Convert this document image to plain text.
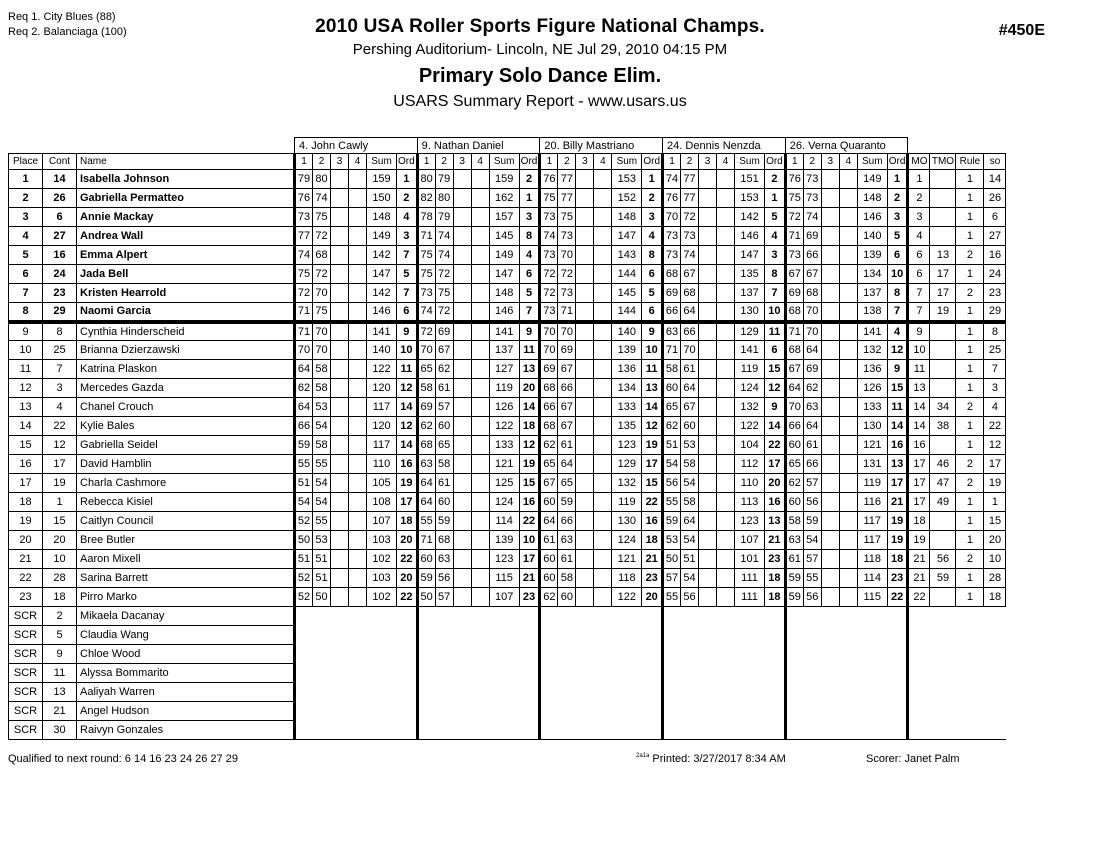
Req 1. City Blues (88)
Req 2. Balanciaga (100)	2010 USA Roller Sports Figure National Champs.
Pershing Auditorium- Lincoln, NE Jul 29, 2010 04:15 PM
Primary Solo Dance Elim.
USARS Summary Report - www.usars.us
#450E
			4. John Cawly						9. Nathan Daniel						20. Billy Mastriano						24. Dennis Nenzda						26. Verna Quaranto									
Place	Cont	Name	1	2	3	4	Sum	Ord	1	2	3	4	Sum	Ord	1	2	3	4	Sum	Ord	1	2	3	4	Sum	Ord	1	2	3	4	Sum	Ord	MO	TMO	Rule	so
1	14	Isabella Johnson	79	80			159	1	80	79			159	2	76	77			153	1	74	77			151	2	76	73			149	1	1		1	14
2	26	Gabriella Permatteo	76	74			150	2	82	80			162	1	75	77			152	2	76	77			153	1	75	73			148	2	2		1	26
3	6	Annie Mackay	73	75			148	4	78	79			157	3	73	75			148	3	70	72			142	5	72	74			146	3	3		1	6
4	27	Andrea Wall	77	72			149	3	71	74			145	8	74	73			147	4	73	73			146	4	71	69			140	5	4		1	27
5	16	Emma Alpert	74	68			142	7	75	74			149	4	73	70			143	8	73	74			147	3	73	66			139	6	6	13	2	16
6	24	Jada Bell	75	72			147	5	75	72			147	6	72	72			144	6	68	67			135	8	67	67			134	10	6	17	1	24
7	23	Kristen Hearrold	72	70			142	7	73	75			148	5	72	73			145	5	69	68			137	7	69	68			137	8	7	17	2	23
8	29	Naomi Garcia	71	75			146	6	74	72			146	7	73	71			144	6	66	64			130	10	68	70			138	7	7	19	1	29
9	8	Cynthia Hinderscheid	71	70			141	9	72	69			141	9	70	70			140	9	63	66			129	11	71	70			141	4	9		1	8
10	25	Brianna Dzierzawski	70	70			140	10	70	67			137	11	70	69			139	10	71	70			141	6	68	64			132	12	10		1	25
11	7	Katrina Plaskon	64	58			122	11	65	62			127	13	69	67			136	11	58	61			119	15	67	69			136	9	11		1	7
12	3	Mercedes Gazda	62	58			120	12	58	61			119	20	68	66			134	13	60	64			124	12	64	62			126	15	13		1	3
13	4	Chanel Crouch	64	53			117	14	69	57			126	14	66	67			133	14	65	67			132	9	70	63			133	11	14	34	2	4
14	22	Kylie Bales	66	54			120	12	62	60			122	18	68	67			135	12	62	60			122	14	66	64			130	14	14	38	1	22
15	12	Gabriella Seidel	59	58			117	14	68	65			133	12	62	61			123	19	51	53			104	22	60	61			121	16	16		1	12
16	17	David Hamblin	55	55			110	16	63	58			121	19	65	64			129	17	54	58			112	17	65	66			131	13	17	46	2	17
17	19	Charla Cashmore	51	54			105	19	64	61			125	15	67	65			132	15	56	54			110	20	62	57			119	17	17	47	2	19
18	1	Rebecca Kisiel	54	54			108	17	64	60			124	16	60	59			119	22	55	58			113	16	60	56			116	21	17	49	1	1
19	15	Caitlyn Council	52	55			107	18	55	59			114	22	64	66			130	16	59	64			123	13	58	59			117	19	18		1	15
20	20	Bree Butler	50	53			103	20	71	68			139	10	61	63			124	18	53	54			107	21	63	54			117	19	19		1	20
21	10	Aaron Mixell	51	51			102	22	60	63			123	17	60	61			121	21	50	51			101	23	61	57			118	18	21	56	2	10
22	28	Sarina Barrett	52	51			103	20	59	56			115	21	60	58			118	23	57	54			111	18	59	55			114	23	21	59	1	28
23	18	Pirro Marko	52	50			102	22	50	57			107	23	62	60			122	20	55	56			111	18	59	56			115	22	22		1	18
SCR	2	Mikaela Dacanay																																		
SCR	5	Claudia Wang																																		
SCR	9	Chloe Wood																																		
SCR	11	Alyssa Bommarito																																		
SCR	13	Aaliyah Warren																																		
SCR	21	Angel Hudson																																		
SCR	30	Raivyn Gonzales																																		
Qualified to next round: 6 14 16 23 24 26 27 29	$^{2a1a}$ Printed: 3/27/2017 8:34 AM	Scorer: Janet Palm
